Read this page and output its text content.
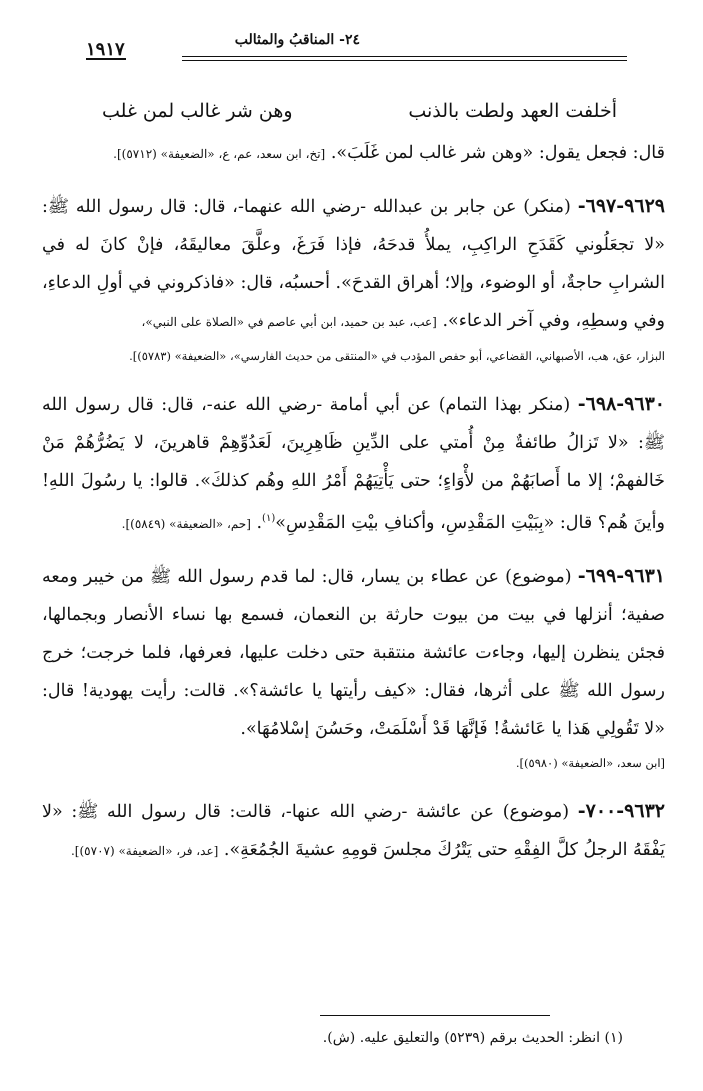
١٩١٧	٢٤- المناقبُ والمثالب
أخلفت العهد ولطت بالذنب
وهن شر غالب لمن غلب

قال: فجعل يقول: «وهن شر غالب لمن غَلَبَ». [تخ، ابن سعد، عم، ع، «الضعيفة» (٥٧١٢)].

٩٦٢٩-٦٩٧- (منكر) عن جابر بن عبدالله -رضي الله عنهما-، قال: قال رسول الله ﷺ: «لا تجعَلُوني كَقَدَحِ الراكِبِ، يملأُ قدحَهُ، فإذا فَرَغَ، وعلَّقَ معاليقَهُ، فإنْ كانَ له في الشرابِ حاجةٌ، أو الوضوء، وإلا؛ أهراق القدحَ». أحسبُه، قال: «فاذكروني في أولِ الدعاءِ، وفي وسطِهِ، وفي آخر الدعاء». [عب، عبد بن حميد، ابن أبي عاصم في «الصلاة على النبي»،

البزار، عق، هب، الأصبهاني، القضاعي، أبو حفص المؤدب في «المنتقى من حديث الفارسي»، «الضعيفة» (٥٧٨٣)].

٩٦٣٠-٦٩٨- (منكر بهذا التمام) عن أبي أمامة -رضي الله عنه-، قال: قال رسول الله ﷺ: «لا تَزالُ طائفةٌ مِنْ أُمتي على الدِّينِ ظَاهِرِينَ، لَعَدُوِّهِمْ قاهرينَ، لا يَضُرُّهُمْ مَنْ خَالفهمْ؛ إلا ما أَصابَهُمْ من لأْوَاءٍ؛ حتى يَأْتِيَهُمْ أَمْرُ اللهِ وهُم كذلكَ». قالوا: يا رسُولَ اللهِ! وأينَ هُم؟ قال: «بِبَيْتِ المَقْدِسِ، وأكنافِ بيْتِ المَقْدِسِ»$^{(١)}$. [حم، «الضعيفة» (٥٨٤٩)].

٩٦٣١-٦٩٩- (موضوع) عن عطاء بن يسار، قال: لما قدم رسول الله ﷺ من خيبر ومعه صفية؛ أنزلها في بيت من بيوت حارثة بن النعمان، فسمع بها نساء الأنصار وبجمالها، فجئن ينظرن إليها، وجاءت عائشة منتقبة حتى دخلت عليها، فعرفها، فلما خرجت؛ خرج رسول الله ﷺ على أثرها، فقال: «كيف رأيتها يا عائشة؟». قالت: رأيت يهودية! قال: «لا تَقُولِي هَذا يا عَائشةُ! فَإنَّهَا قَدْ أَسْلَمَتْ، وحَسُنَ إسْلامُهَا».

[ابن سعد، «الضعيفة» (٥٩٨٠)].

٩٦٣٢-٧٠٠- (موضوع) عن عائشة -رضي الله عنها-، قالت: قال رسول الله ﷺ: «لا يَفْقَهُ الرجلُ كلَّ الفِقْهِ حتى يَتْرُكَ مجلسَ قومِهِ عشيةَ الجُمُعَةِ». [عد، فر، «الضعيفة» (٥٧٠٧)].

(١) انظر: الحديث برقم (٥٢٣٩) والتعليق عليه. (ش).
